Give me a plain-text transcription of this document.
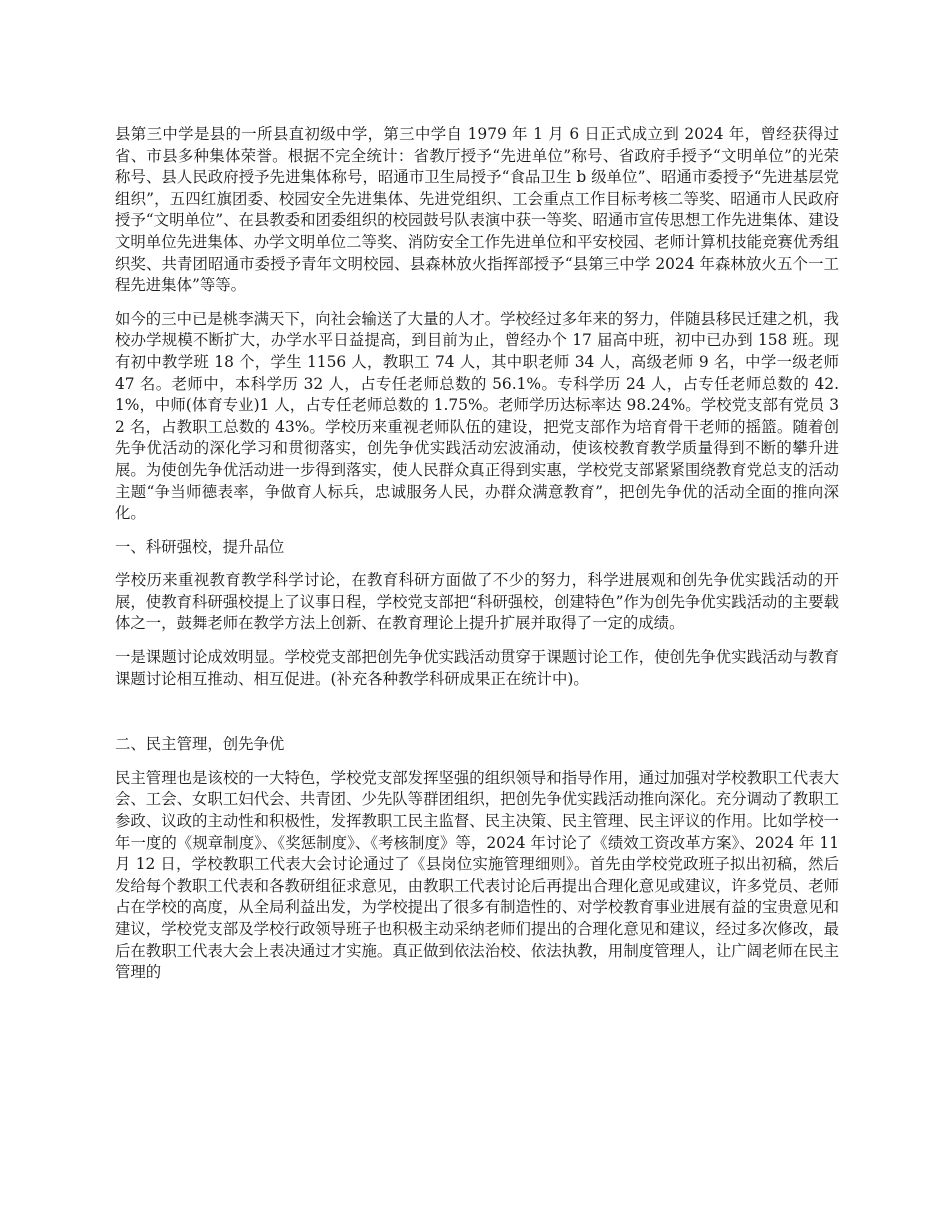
县第三中学是县的一所县直初级中学，第三中学自 1979 年 1 月 6 日正式成立到 2024 年，曾经获得过省、市县多种集体荣誉。根据不完全统计：省教厅授予“先进单位”称号、省政府手授予“文明单位”的光荣称号、县人民政府授予先进集体称号，昭通市卫生局授予“食品卫生 b 级单位”、昭通市委授予“先进基层党组织”，五四红旗团委、校园安全先进集体、先进党组织、工会重点工作目标考核二等奖、昭通市人民政府授予“文明单位”、在县教委和团委组织的校园鼓号队表演中获一等奖、昭通市宣传思想工作先进集体、建设文明单位先进集体、办学文明单位二等奖、消防安全工作先进单位和平安校园、老师计算机技能竞赛优秀组织奖、共青团昭通市委授予青年文明校园、县森林放火指挥部授予“县第三中学 2024 年森林放火五个一工程先进集体”等等。

如今的三中已是桃李满天下，向社会输送了大量的人才。学校经过多年来的努力，伴随县移民迁建之机，我校办学规模不断扩大，办学水平日益提高，到目前为止，曾经办个 17 届高中班，初中已办到 158 班。现有初中教学班 18 个，学生 1156 人，教职工 74 人，其中职老师 34 人，高级老师 9 名，中学一级老师 47 名。老师中，本科学历 32 人，占专任老师总数的 56.1%。专科学历 24 人，占专任老师总数的 42.1%，中师(体育专业)1 人，占专任老师总数的 1.75%。老师学历达标率达 98.24%。学校党支部有党员 32 名，占教职工总数的 43%。学校历来重视老师队伍的建设，把党支部作为培育骨干老师的摇篮。随着创先争优活动的深化学习和贯彻落实，创先争优实践活动宏波涌动，使该校教育教学质量得到不断的攀升进展。为使创先争优活动进一步得到落实，使人民群众真正得到实惠，学校党支部紧紧围绕教育党总支的活动主题“争当师德表率，争做育人标兵，忠诚服务人民，办群众满意教育”，把创先争优的活动全面的推向深化。

一、科研强校，提升品位

学校历来重视教育教学科学讨论，在教育科研方面做了不少的努力，科学进展观和创先争优实践活动的开展，使教育科研强校提上了议事日程，学校党支部把“科研强校，创建特色”作为创先争优实践活动的主要载体之一，鼓舞老师在教学方法上创新、在教育理论上提升扩展并取得了一定的成绩。

一是课题讨论成效明显。学校党支部把创先争优实践活动贯穿于课题讨论工作，使创先争优实践活动与教育课题讨论相互推动、相互促进。(补充各种教学科研成果正在统计中)。

二、民主管理，创先争优

民主管理也是该校的一大特色，学校党支部发挥坚强的组织领导和指导作用，通过加强对学校教职工代表大会、工会、女职工妇代会、共青团、少先队等群团组织，把创先争优实践活动推向深化。充分调动了教职工参政、议政的主动性和积极性，发挥教职工民主监督、民主决策、民主管理、民主评议的作用。比如学校一年一度的《规章制度》、《奖惩制度》、《考核制度》等，2024 年讨论了《绩效工资改革方案》、2024 年 11 月 12 日，学校教职工代表大会讨论通过了《县岗位实施管理细则》。首先由学校党政班子拟出初稿，然后发给每个教职工代表和各教研组征求意见，由教职工代表讨论后再提出合理化意见或建议，许多党员、老师占在学校的高度，从全局利益出发，为学校提出了很多有制造性的、对学校教育事业进展有益的宝贵意见和建议，学校党支部及学校行政领导班子也积极主动采纳老师们提出的合理化意见和建议，经过多次修改，最后在教职工代表大会上表决通过才实施。真正做到依法治校、依法执教，用制度管理人，让广阔老师在民主管理的
